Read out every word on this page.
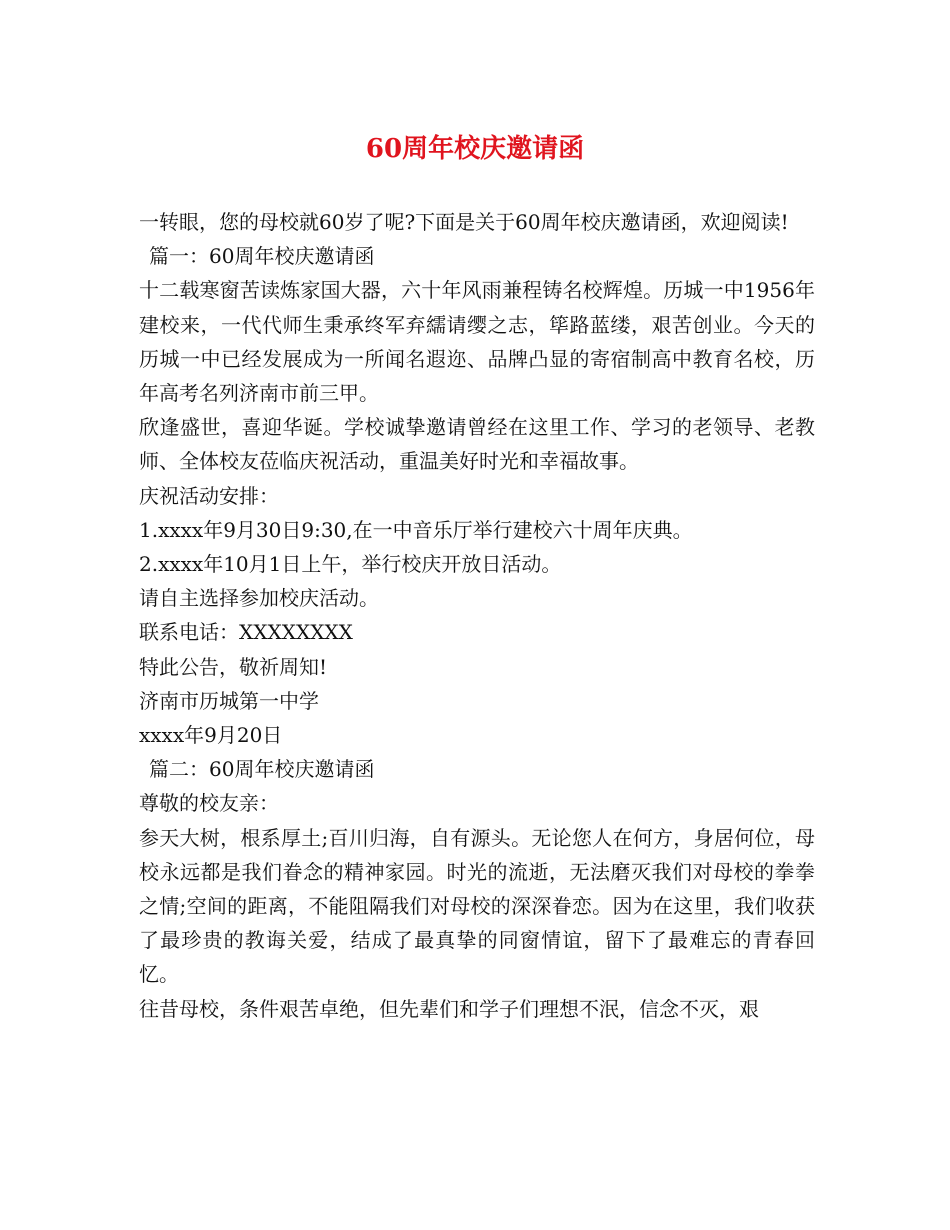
60周年校庆邀请函

一转眼，您的母校就60岁了呢?下面是关于60周年校庆邀请函，欢迎阅读!

篇一：60周年校庆邀请函

十二载寒窗苦读炼家国大器，六十年风雨兼程铸名校辉煌。历城一中1956年建校来，一代代师生秉承终军弃繻请缨之志，筚路蓝缕，艰苦创业。今天的历城一中已经发展成为一所闻名遐迩、品牌凸显的寄宿制高中教育名校，历年高考名列济南市前三甲。

欣逢盛世，喜迎华诞。学校诚挚邀请曾经在这里工作、学习的老领导、老教师、全体校友莅临庆祝活动，重温美好时光和幸福故事。

庆祝活动安排：

1.xxxx年9月30日9:30,在一中音乐厅举行建校六十周年庆典。

2.xxxx年10月1日上午，举行校庆开放日活动。

请自主选择参加校庆活动。

联系电话：XXXXXXXX

特此公告，敬祈周知!

济南市历城第一中学

xxxx年9月20日

篇二：60周年校庆邀请函

尊敬的校友亲：

参天大树，根系厚土;百川归海，自有源头。无论您人在何方，身居何位，母校永远都是我们眷念的精神家园。时光的流逝，无法磨灭我们对母校的拳拳之情;空间的距离，不能阻隔我们对母校的深深眷恋。因为在这里，我们收获了最珍贵的教诲关爱，结成了最真挚的同窗情谊，留下了最难忘的青春回忆。

往昔母校，条件艰苦卓绝，但先辈们和学子们理想不泯，信念不灭，艰
